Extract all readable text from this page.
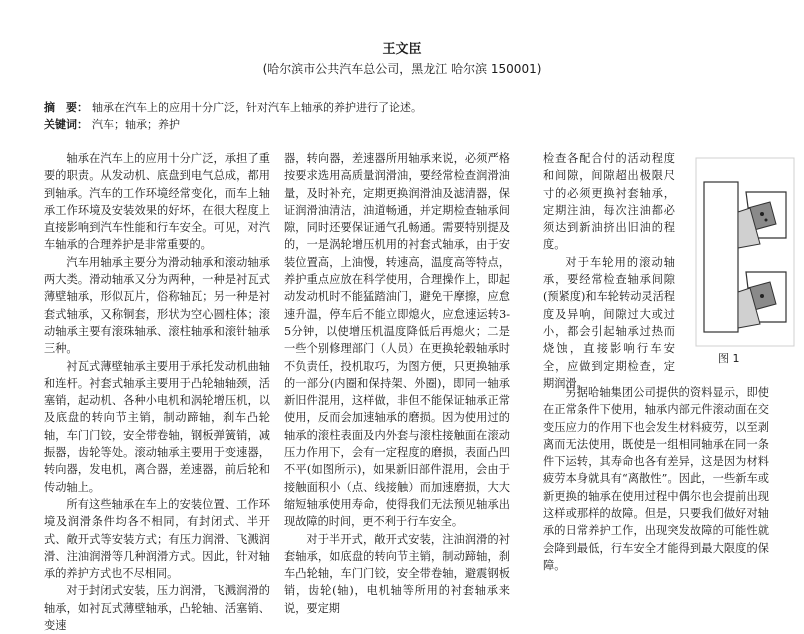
王文臣
(哈尔滨市公共汽车总公司，黑龙江 哈尔滨 150001)
摘　要： 轴承在汽车上的应用十分广泛，针对汽车上轴承的养护进行了论述。
关键词： 汽车；轴承；养护

轴承在汽车上的应用十分广泛，承担了重要的职责。从发动机、底盘到电气总成，都用到轴承。汽车的工作环境经常变化，而车上轴承工作环境及安装效果的好坏，在很大程度上直接影响到汽车性能和行车安全。可见，对汽车轴承的合理养护是非常重要的。

汽车用轴承主要分为滑动轴承和滚动轴承两大类。滑动轴承又分为两种，一种是衬瓦式薄壁轴承，形似瓦片，俗称轴瓦；另一种是衬套式轴承，又称铜套，形状为空心圆柱体；滚动轴承主要有滚珠轴承、滚柱轴承和滚针轴承三种。

衬瓦式薄壁轴承主要用于承托发动机曲轴和连杆。衬套式轴承主要用于凸轮轴轴颈，活塞销，起动机、各种小电机和涡轮增压机，以及底盘的转向节主销，制动蹄轴，刹车凸轮轴，车门门铰，安全带卷轴，钢板弹簧销，减振器，齿轮等处。滚动轴承主要用于变速器，转向器，发电机，离合器，差速器，前后轮和传动轴上。

所有这些轴承在车上的安装位置、工作环境及润滑条件均各不相同，有封闭式、半开式、敞开式等安装方式；有压力润滑、飞溅润滑、注油润滑等几种润滑方式。因此，针对轴承的养护方式也不尽相同。

对于封闭式安装，压力润滑，飞溅润滑的轴承，如衬瓦式薄壁轴承，凸轮轴、活塞销、变速

器，转向器，差速器所用轴承来说，必须严格按要求选用高质量润滑油，要经常检查润滑油量，及时补充，定期更换润滑油及滤清器，保证润滑油清洁，油道畅通，并定期检查轴承间隙，同时还要保证通气孔畅通。需要特别提及的，一是涡轮增压机用的衬套式轴承，由于安装位置高，上油慢，转速高，温度高等特点，养护重点应放在科学使用，合理操作上，即起动发动机时不能猛踏油门，避免干摩擦，应怠速升温，停车后不能立即熄火，应怠速运转3-5分钟，以使增压机温度降低后再熄火；二是一些个别修理部门（人员）在更换轮毂轴承时不负责任，投机取巧，为图方便，只更换轴承的一部分(内圈和保持架、外圈)，即同一轴承新旧件混用，这样做，非但不能保证轴承正常使用，反而会加速轴承的磨损。因为使用过的轴承的滚柱表面及内外套与滚柱接触面在滚动压力作用下，会有一定程度的磨损，表面凸凹不平(如图所示)，如果新旧部件混用，会由于接触面积小（点、线接触）而加速磨损，大大缩短轴承使用寿命，使得我们无法预见轴承出现故障的时间，更不利于行车安全。

对于半开式，敞开式安装，注油润滑的衬套轴承，如底盘的转向节主销，制动蹄轴，刹车凸轮轴，车门门铰，安全带卷轴，避震钢板销，齿轮(轴)，电机轴等所用的衬套轴承来说，要定期

检查各配合付的活动程度和间隙，间隙超出极限尺寸的必须更换衬套轴承，定期注油，每次注油都必须达到新油挤出旧油的程度。

对于车轮用的滚动轴承，要经常检查轴承间隙(预紧度)和车轮转动灵活程度及异响，间隙过大或过小，都会引起轴承过热而烧蚀，直接影响行车安全，应做到定期检查，定期润滑。

图 1

另据哈轴集团公司提供的资料显示，即使在正常条件下使用，轴承内部元件滚动面在交变压应力的作用下也会发生材料疲劳，以至剥离而无法使用，既使是一组相同轴承在同一条件下运转，其寿命也各有差异，这是因为材料疲劳本身就具有“离散性”。因此，一些新车或新更换的轴承在使用过程中偶尔也会提前出现这样或那样的故障。但是，只要我们做好对轴承的日常养护工作，出现突发故障的可能性就会降到最低，行车安全才能得到最大限度的保障。
